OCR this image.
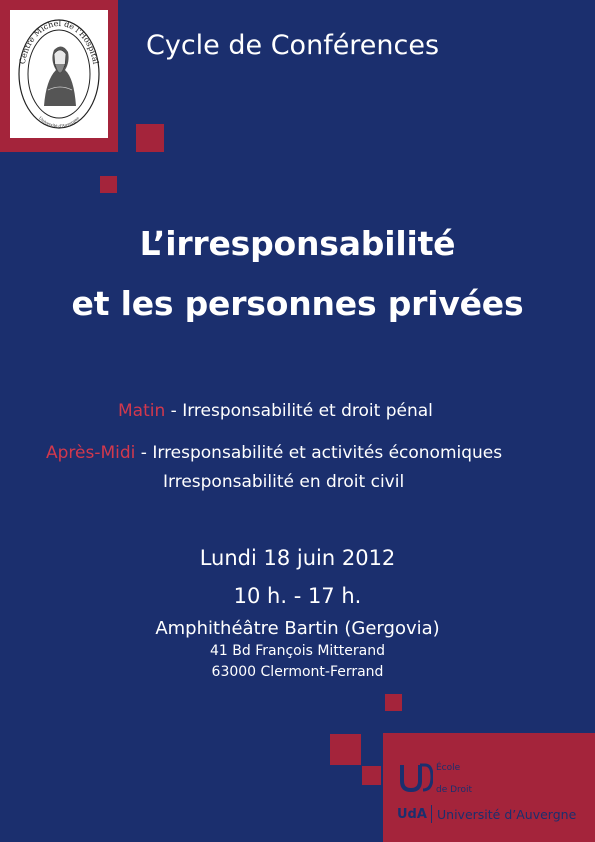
Centre Michel de l'Hospital
Université d'Auvergne
Cycle de Conférences
L’irresponsabilité
et les personnes privées
Matin - Irresponsabilité et droit pénal
Après-Midi - Irresponsabilité et activités économiques
Irresponsabilité en droit civil
Lundi 18 juin 2012
10 h. - 17 h.
Amphithéâtre Bartin (Gergovia)
41 Bd François Mitterand
63000 Clermont-Ferrand
École
de Droit
UdA Université d’Auvergne
